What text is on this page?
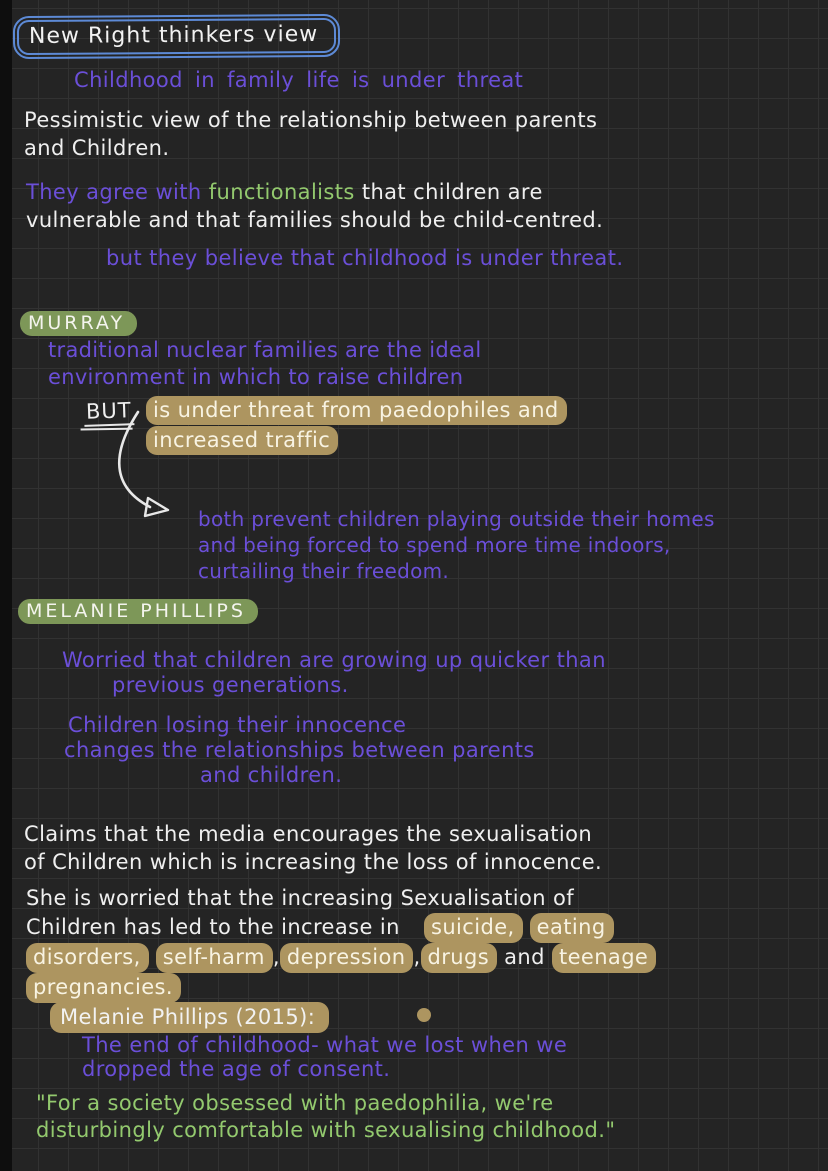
New Right thinkers view
Childhood in family life is under threat
Pessimistic view of the relationship between parents
and Children.
They agree with functionalists that children are
vulnerable and that families should be child-centred.
but they believe that childhood is under threat.
MURRAY
traditional nuclear families are the ideal
environment in which to raise children
BUT	is under threat from paedophiles and
increased traffic
both prevent children playing outside their homes
and being forced to spend more time indoors,
curtailing their freedom.
MELANIE PHILLIPS
Worried that children are growing up quicker than
previous generations.
Children losing their innocence
changes the relationships between parents
and children.
Claims that the media encourages the sexualisation
of Children which is increasing the loss of innocence.
She is worried that the increasing Sexualisation of
Children has led to the increase in suicide, eating
disorders, self-harm , depression , drugs and teenage
pregnancies.
Melanie Phillips (2015):
The end of childhood- what we lost when we
dropped the age of consent.
"For a society obsessed with paedophilia, we're
disturbingly comfortable with sexualising childhood."
